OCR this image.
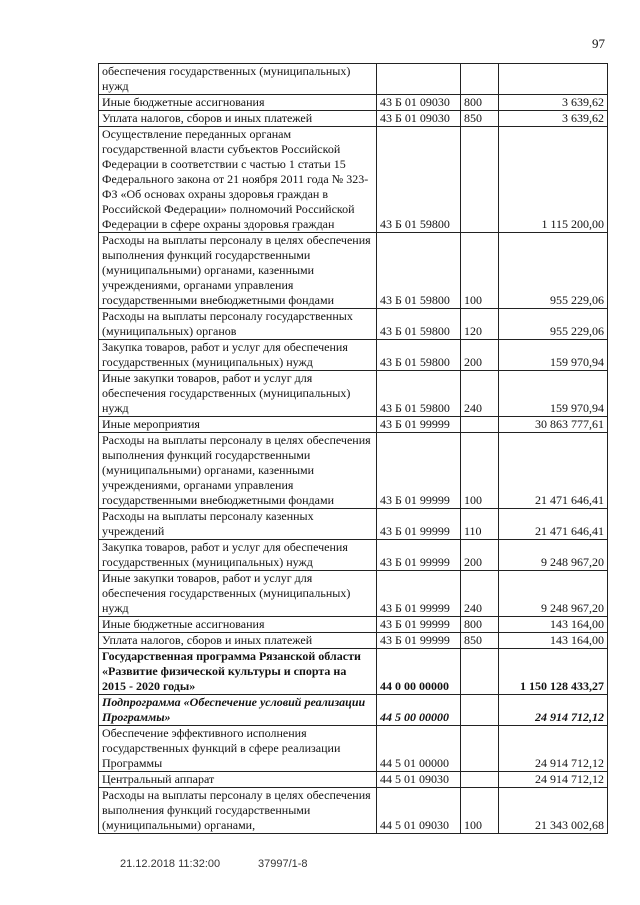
97
обеспечения государственных (муниципальных) нужд			
Иные бюджетные ассигнования	43 Б 01 09030	800	3 639,62
Уплата налогов, сборов и иных платежей	43 Б 01 09030	850	3 639,62
Осуществление переданных органам государственной власти субъектов Российской Федерации в соответствии с частью 1 статьи 15 Федерального закона от 21 ноября 2011 года № 323-ФЗ «Об основах охраны здоровья граждан в Российской Федерации» полномочий Российской Федерации в сфере охраны здоровья граждан	43 Б 01 59800		1 115 200,00
Расходы на выплаты персоналу в целях обеспечения выполнения функций государственными (муниципальными) органами, казенными учреждениями, органами управления государственными внебюджетными фондами	43 Б 01 59800	100	955 229,06
Расходы на выплаты персоналу государственных (муниципальных) органов	43 Б 01 59800	120	955 229,06
Закупка товаров, работ и услуг для обеспечения государственных (муниципальных) нужд	43 Б 01 59800	200	159 970,94
Иные закупки товаров, работ и услуг для обеспечения государственных (муниципальных) нужд	43 Б 01 59800	240	159 970,94
Иные мероприятия	43 Б 01 99999		30 863 777,61
Расходы на выплаты персоналу в целях обеспечения выполнения функций государственными (муниципальными) органами, казенными учреждениями, органами управления государственными внебюджетными фондами	43 Б 01 99999	100	21 471 646,41
Расходы на выплаты персоналу казенных учреждений	43 Б 01 99999	110	21 471 646,41
Закупка товаров, работ и услуг для обеспечения государственных (муниципальных) нужд	43 Б 01 99999	200	9 248 967,20
Иные закупки товаров, работ и услуг для обеспечения государственных (муниципальных) нужд	43 Б 01 99999	240	9 248 967,20
Иные бюджетные ассигнования	43 Б 01 99999	800	143 164,00
Уплата налогов, сборов и иных платежей	43 Б 01 99999	850	143 164,00
Государственная программа Рязанской области «Развитие физической культуры и спорта на 2015 - 2020 годы»	44 0 00 00000		1 150 128 433,27
Подпрограмма «Обеспечение условий реализации Программы»	44 5 00 00000		24 914 712,12
Обеспечение эффективного исполнения государственных функций в сфере реализации Программы	44 5 01 00000		24 914 712,12
Центральный аппарат	44 5 01 09030		24 914 712,12
Расходы на выплаты персоналу в целях обеспечения выполнения функций государственными (муниципальными) органами,	44 5 01 09030	100	21 343 002,68
21.12.2018 11:32:00	37997/1-8
